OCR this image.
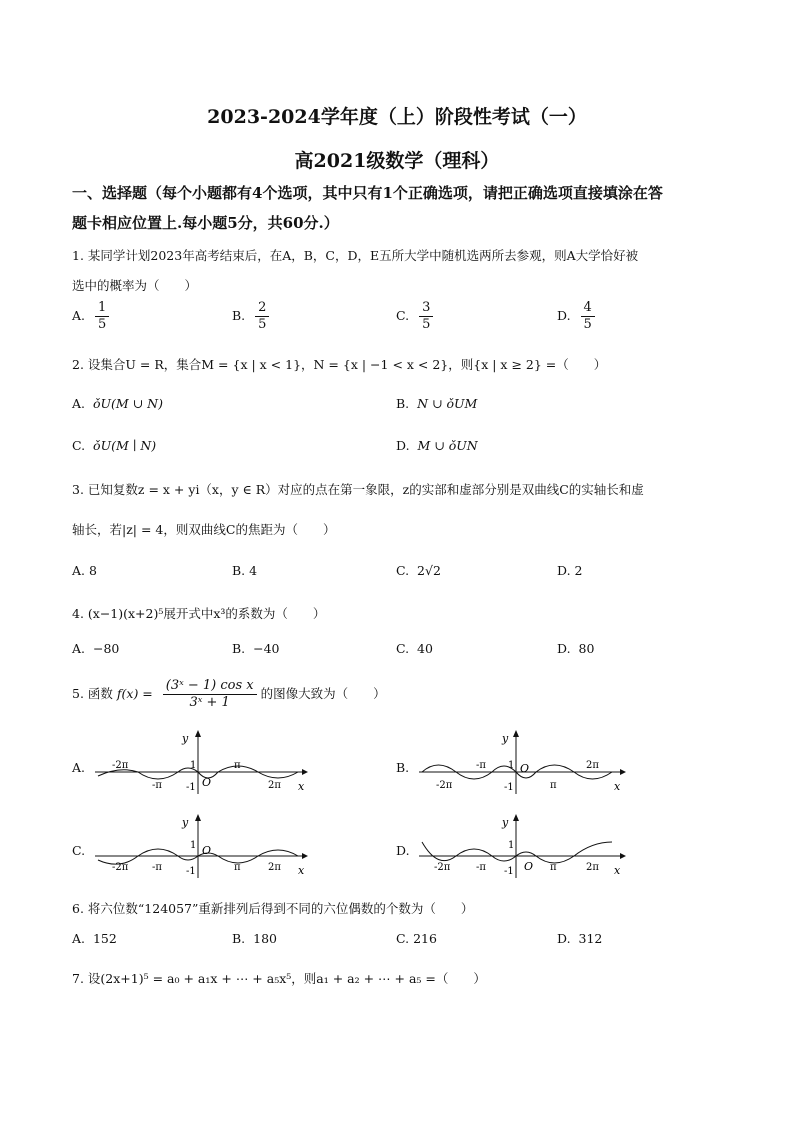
2023-2024学年度（上）阶段性考试（一）
高2021级数学（理科）
一、选择题（每个小题都有4个选项，其中只有1个正确选项，请把正确选项直接填涂在答
题卡相应位置上.每小题5分，共60分.）
1. 某同学计划2023年高考结束后，在A，B，C，D，E五所大学中随机选两所去参观，则A大学恰好被
选中的概率为（　　）
A. $\frac{1}{5}$	B. $\frac{2}{5}$	C. $\frac{3}{5}$	D. $\frac{4}{5}$
2. 设集合U = R，集合M = {x | x < 1}，N = {x | −1 < x < 2}，则{x | x ≥ 2} =（　　）
A. ǒU(M ∪ N)	B. N ∪ ǒUM
C. ǒU(M ∣ N)	D. M ∪ ǒUN
3. 已知复数z = x + yi（x，y ∈ R）对应的点在第一象限，z的实部和虚部分别是双曲线C的实轴长和虚
轴长，若|z| = 4，则双曲线C的焦距为（　　）
A. 8	B. 4	C. 2√2	D. 2
4. (x−1)(x+2)⁵展开式中x³的系数为（　　）
A. −80	B. −40	C. 40	D. 80
5. 函数 $f(x) = \frac{\text{(3ˣ − 1) cos x}}{\text{3ˣ + 1}}$ 的图像大致为（　　）
A.	B.
C.	D.
y
x
O
1
-1
-2π
-π
π
2π
y
x
O
1
-1
-2π
-π
π
2π
y
x
O
1
-1
-2π -π	π	2π
y
x
O
1
-1
-2π	-π	π	2π
6. 将六位数“124057”重新排列后得到不同的六位偶数的个数为（　　）
A. 152	B. 180	C. 216	D. 312
7. 设(2x+1)⁵ = a₀ + a₁x + ⋯ + a₅x⁵，则a₁ + a₂ + ⋯ + a₅ =（　　）
